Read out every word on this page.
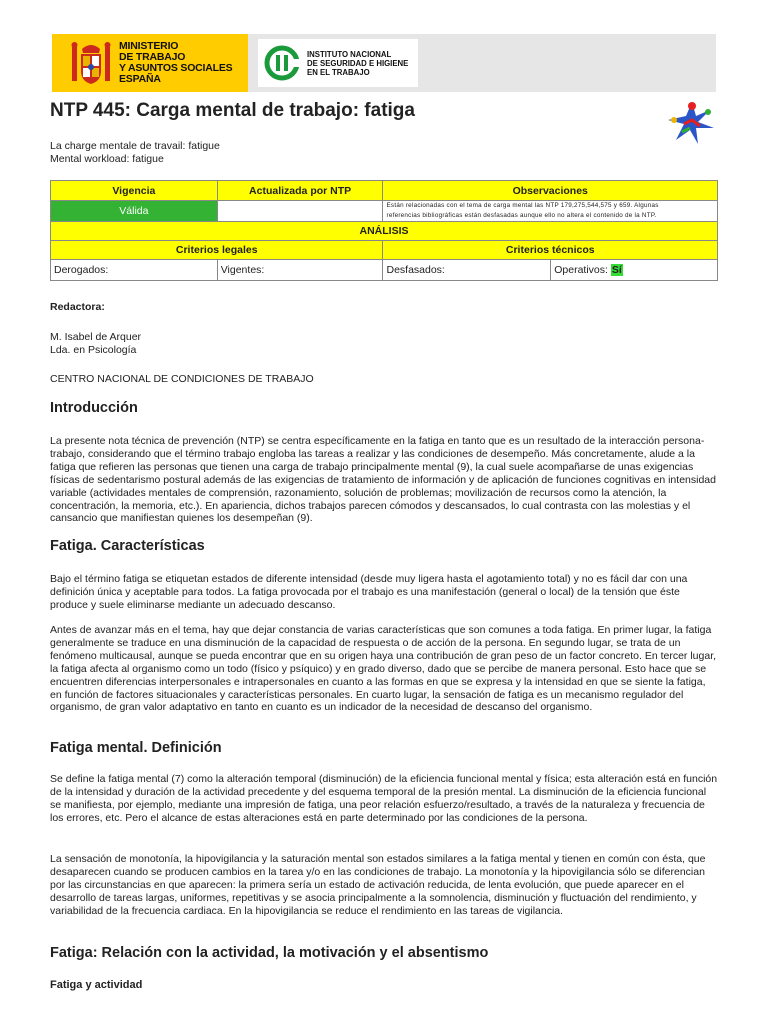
MINISTERIO
DE TRABAJO
Y ASUNTOS SOCIALES
ESPAÑA
INSTITUTO NACIONAL
DE SEGURIDAD E HIGIENE
EN EL TRABAJO
NTP 445: Carga mental de trabajo: fatiga
La charge mentale de travail: fatigue
Mental workload: fatigue
Vigencia	Actualizada por NTP	Observaciones	
Válida		Están relacionadas con el tema de carga mental las NTP 179,275,544,575 y 659. Algunas
referencias bibliográficas están desfasadas aunque ello no altera el contenido de la NTP.	

ANÁLISIS			
Criterios legales		Criterios técnicos	
Derogados:	Vigentes:	Desfasados:	Operativos: Sí
Redactora:
M. Isabel de Arquer
Lda. en Psicología
CENTRO NACIONAL DE CONDICIONES DE TRABAJO
Introducción
La presente nota técnica de prevención (NTP) se centra específicamente en la fatiga en tanto que es un resultado de la interacción persona-trabajo, considerando que el término trabajo engloba las tareas a realizar y las condiciones de desempeño. Más concretamente, alude a la fatiga que refieren las personas que tienen una carga de trabajo principalmente mental (9), la cual suele acompañarse de unas exigencias físicas de sedentarismo postural además de las exigencias de tratamiento de información y de aplicación de funciones cognitivas en intensidad variable (actividades mentales de comprensión, razonamiento, solución de problemas; movilización de recursos como la atención, la concentración, la memoria, etc.). En apariencia, dichos trabajos parecen cómodos y descansados, lo cual contrasta con las molestias y el cansancio que manifiestan quienes los desempeñan (9).
Fatiga. Características
Bajo el término fatiga se etiquetan estados de diferente intensidad (desde muy ligera hasta el agotamiento total) y no es fácil dar con una definición única y aceptable para todos. La fatiga provocada por el trabajo es una manifestación (general o local) de la tensión que éste produce y suele eliminarse mediante un adecuado descanso.
Antes de avanzar más en el tema, hay que dejar constancia de varias características que son comunes a toda fatiga. En primer lugar, la fatiga generalmente se traduce en una disminución de la capacidad de respuesta o de acción de la persona. En segundo lugar, se trata de un fenómeno multicausal, aunque se pueda encontrar que en su origen haya una contribución de gran peso de un factor concreto. En tercer lugar, la fatiga afecta al organismo como un todo (físico y psíquico) y en grado diverso, dado que se percibe de manera personal. Esto hace que se encuentren diferencias interpersonales e intrapersonales en cuanto a las formas en que se expresa y la intensidad en que se siente la fatiga, en función de factores situacionales y características personales. En cuarto lugar, la sensación de fatiga es un mecanismo regulador del organismo, de gran valor adaptativo en tanto en cuanto es un indicador de la necesidad de descanso del organismo.
Fatiga mental. Definición
Se define la fatiga mental (7) como la alteración temporal (disminución) de la eficiencia funcional mental y física; esta alteración está en función de la intensidad y duración de la actividad precedente y del esquema temporal de la presión mental. La disminución de la eficiencia funcional se manifiesta, por ejemplo, mediante una impresión de fatiga, una peor relación esfuerzo/resultado, a través de la naturaleza y frecuencia de los errores, etc. Pero el alcance de estas alteraciones está en parte determinado por las condiciones de la persona.
La sensación de monotonía, la hipovigilancia y la saturación mental son estados similares a la fatiga mental y tienen en común con ésta, que desaparecen cuando se producen cambios en la tarea y/o en las condiciones de trabajo. La monotonía y la hipovigilancia sólo se diferencian por las circunstancias en que aparecen: la primera sería un estado de activación reducida, de lenta evolución, que puede aparecer en el desarrollo de tareas largas, uniformes, repetitivas y se asocia principalmente a la somnolencia, disminución y fluctuación del rendimiento, y variabilidad de la frecuencia cardiaca. En la hipovigilancia se reduce el rendimiento en las tareas de vigilancia.
Fatiga: Relación con la actividad, la motivación y el absentismo
Fatiga y actividad
